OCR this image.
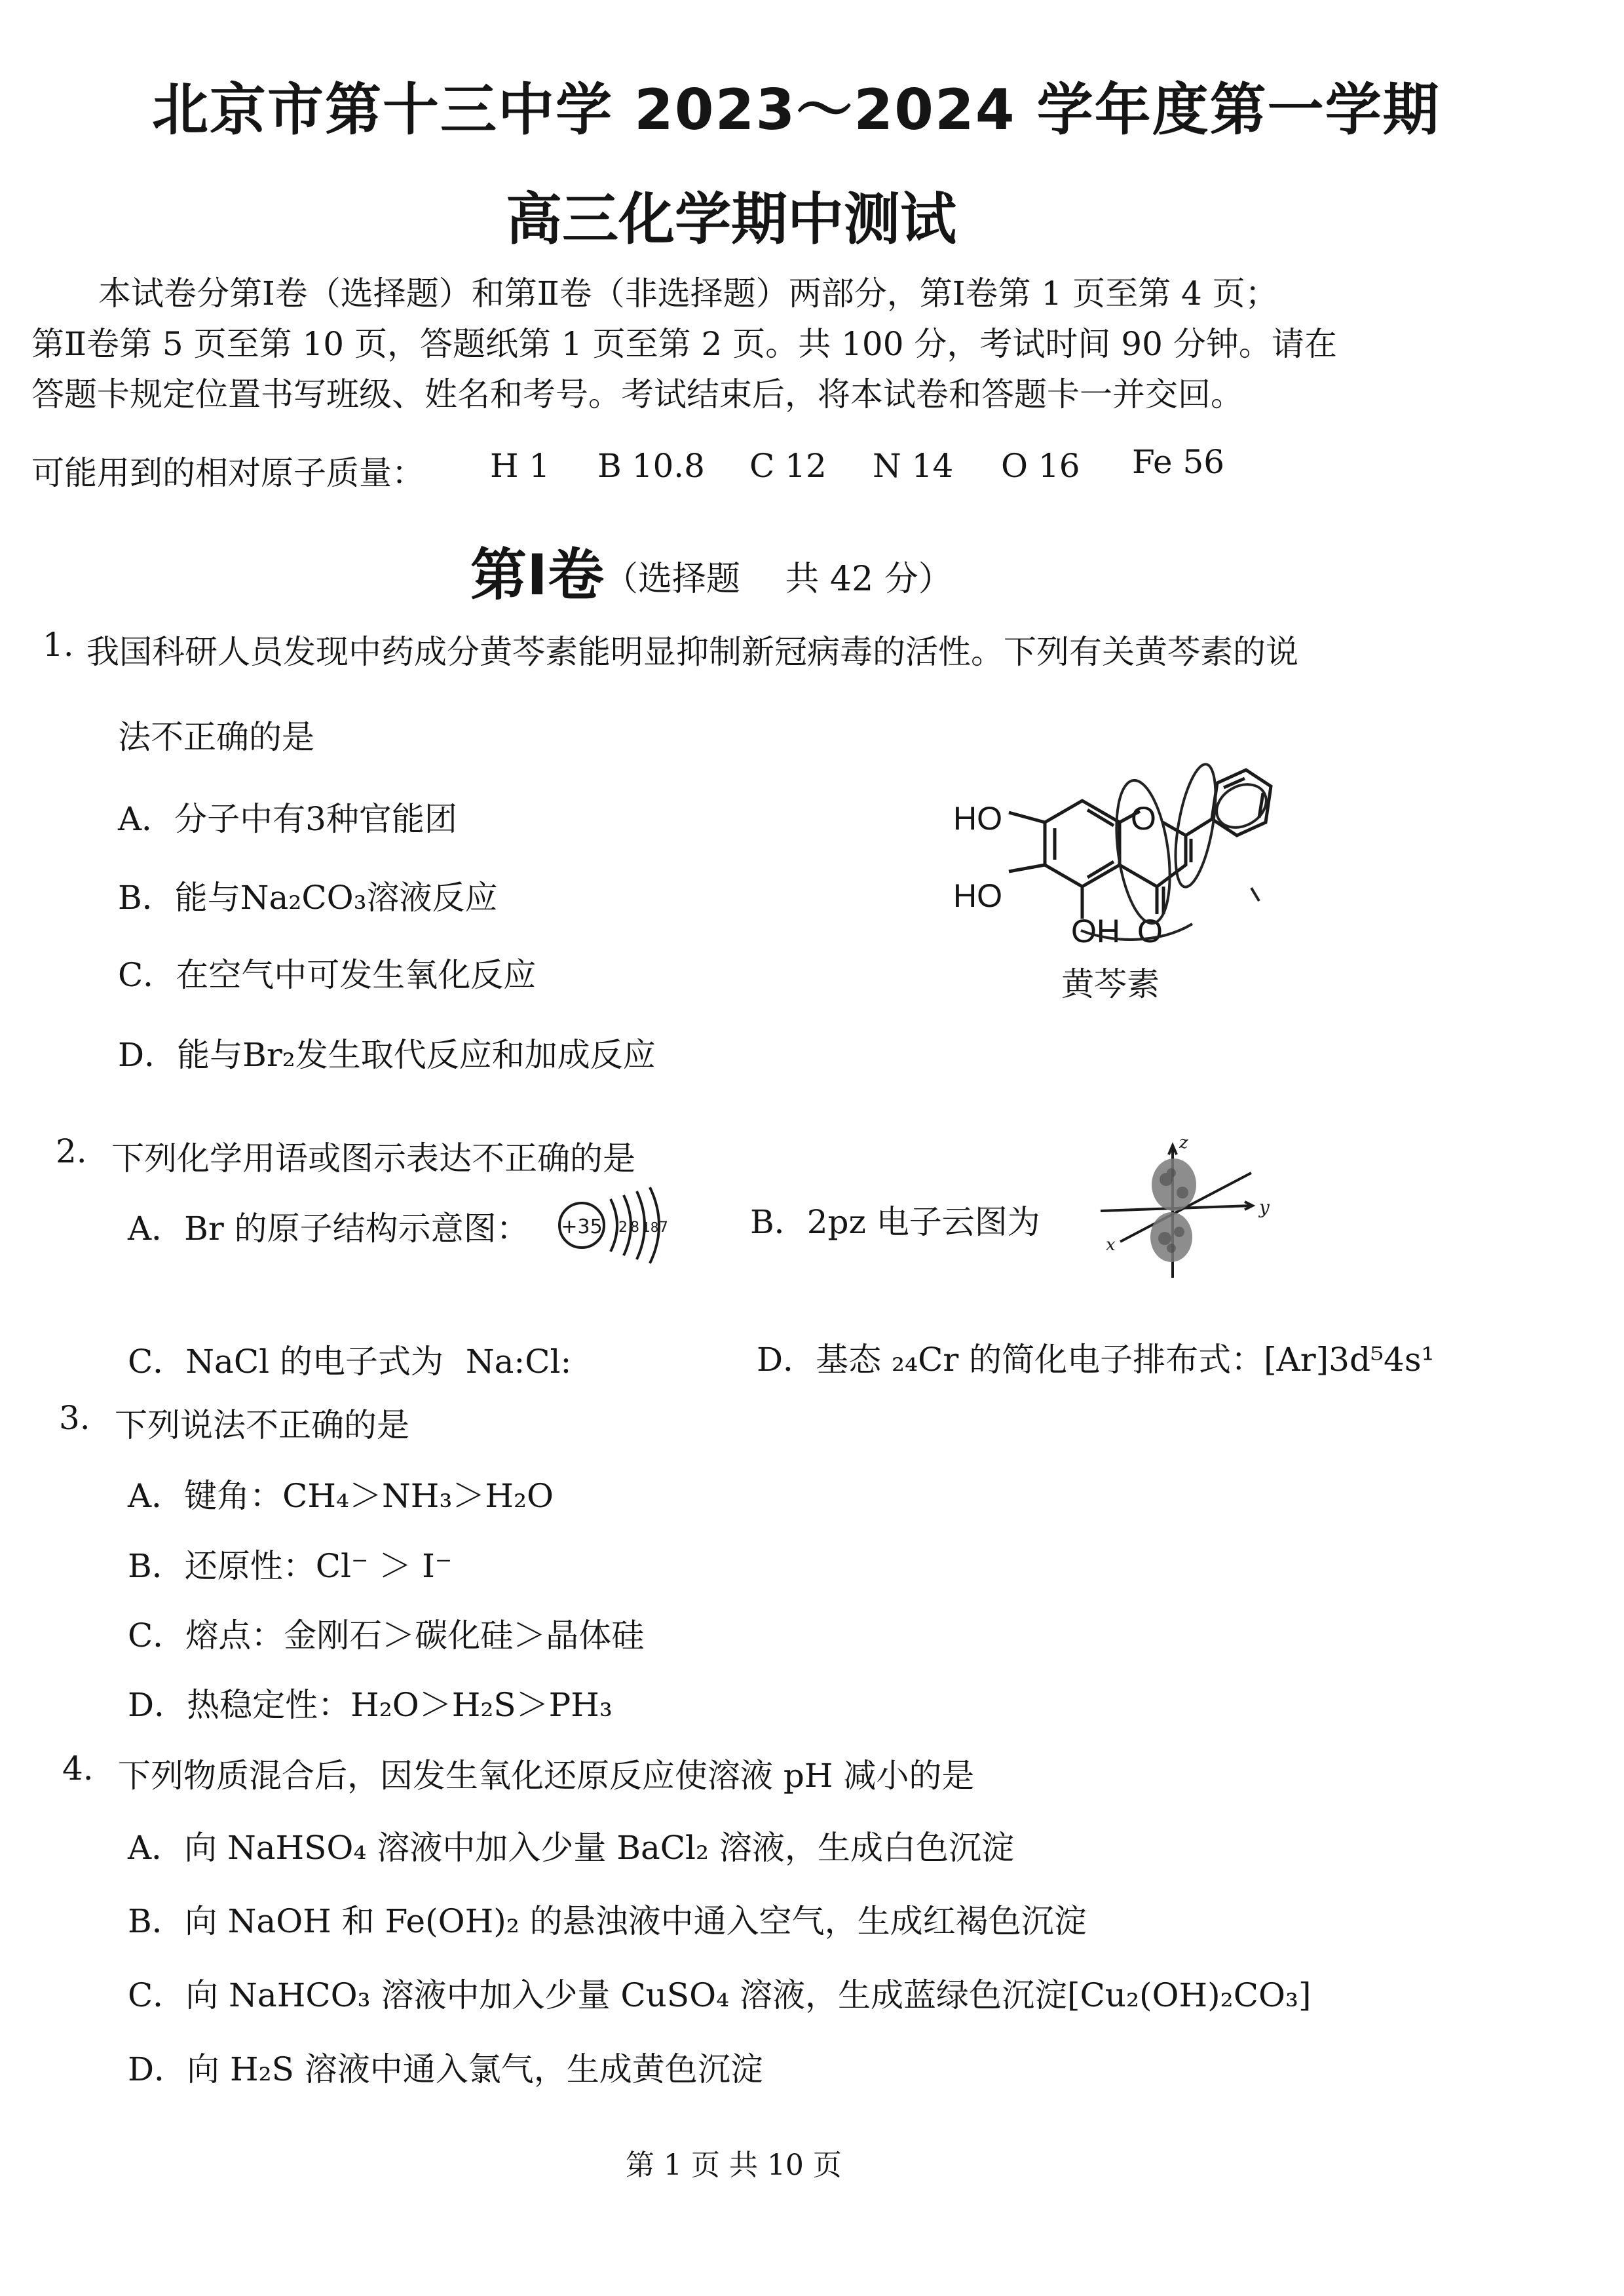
北京市第十三中学 2023～2024 学年度第一学期
高三化学期中测试
本试卷分第Ⅰ卷（选择题）和第Ⅱ卷（非选择题）两部分，第Ⅰ卷第 1 页至第 4 页；
第Ⅱ卷第 5 页至第 10 页，答题纸第 1 页至第 2 页。共 100 分，考试时间 90 分钟。请在
答题卡规定位置书写班级、姓名和考号。考试结束后，将本试卷和答题卡一并交回。
可能用到的相对原子质量： H 1 B 10.8 C 12 N 14 O 16 Fe 56
第Ⅰ卷（选择题　 共 42 分）
1. 我国科研人员发现中药成分黄芩素能明显抑制新冠病毒的活性。下列有关黄芩素的说
法不正确的是
A．分子中有3种官能团
B．能与Na₂CO₃溶液反应
C．在空气中可发生氧化反应
D．能与Br₂发生取代反应和加成反应
HO
HO
OH
O
O
黄芩素
2. 下列化学用语或图示表达不正确的是
A．Br 的原子结构示意图： +35 2 8 18 7	B．2pz 电子云图为
z
y
x
C．NaCl 的电子式为 Na:Cl:	D．基态 ₂₄Cr 的简化电子排布式：[Ar]3d⁵4s¹
3. 下列说法不正确的是
A．键角：CH₄＞NH₃＞H₂O
B．还原性：Cl⁻ ＞ I⁻
C．熔点：金刚石＞碳化硅＞晶体硅
D．热稳定性：H₂O＞H₂S＞PH₃
4. 下列物质混合后，因发生氧化还原反应使溶液 pH 减小的是
A．向 NaHSO₄ 溶液中加入少量 BaCl₂ 溶液，生成白色沉淀
B．向 NaOH 和 Fe(OH)₂ 的悬浊液中通入空气，生成红褐色沉淀
C．向 NaHCO₃ 溶液中加入少量 CuSO₄ 溶液，生成蓝绿色沉淀[Cu₂(OH)₂CO₃]
D．向 H₂S 溶液中通入氯气，生成黄色沉淀
第 1 页 共 10 页
